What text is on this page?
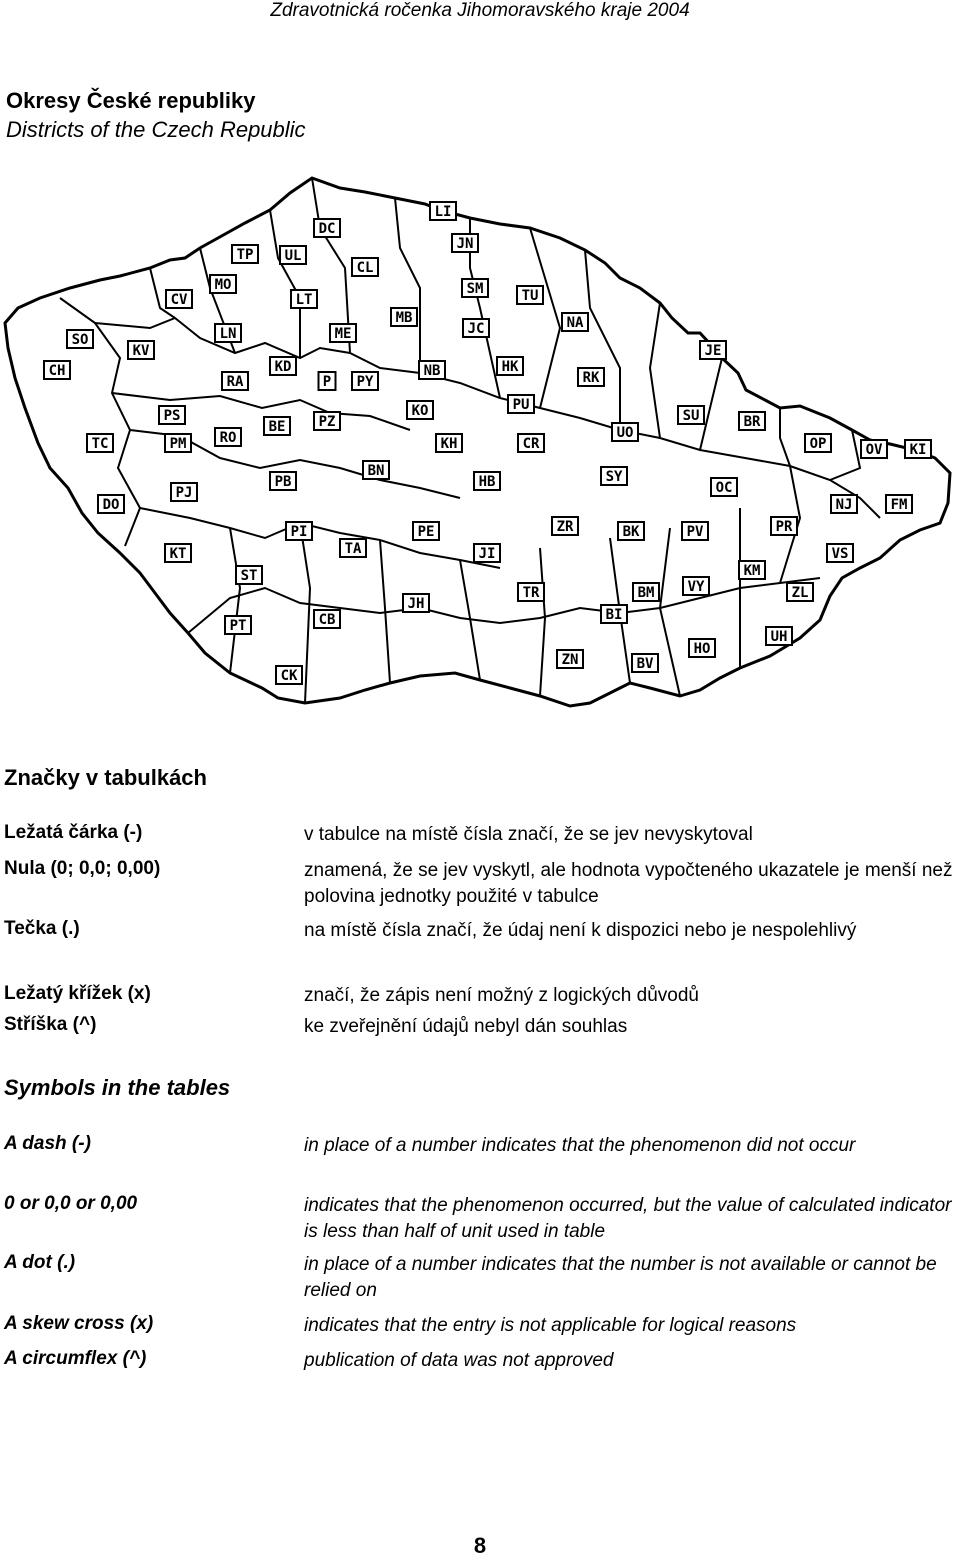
Zdravotnická ročenka Jihomoravského kraje 2004
Okresy České republiky
Districts of the Czech Republic
LI
DC
JN
TP UL
CL
MO
CV	LT
SM	TU
SO
KV
LN	ME
MB
JC	NA
CH	KD	HK
JE
RA	P PY
NB	RK
PS	KO	PU
SU	BR
TC	PM RO
BE PZ
KH	CR
UO
OP	OV KI
BN	SY
HB
DO
PJ
PB	OC
NJ	FM
PI	ZR	BK	PV	PR
KT	TA
PE
JI	VS
ST	KM
VY
BM
TR	ZL
PT	CB
JH
BI
UH
HO
CK
ZN	BV
Značky v tabulkách
Ležatá čárka (-)	v tabulce na místě čísla značí, že se jev nevyskytoval
Nula (0; 0,0; 0,00)	znamená, že se jev vyskytl, ale hodnota vypočteného ukazatele je menší než polovina jednotky použité v tabulce
Tečka (.)	na místě čísla značí, že údaj není k dispozici nebo je nespolehlivý
Ležatý křížek (x)	značí, že zápis není možný z logických důvodů
Stříška (^)	ke zveřejnění údajů nebyl dán souhlas
Symbols in the tables
A dash (-)	in place of a number indicates that the phenomenon did not occur
0 or 0,0 or 0,00	indicates that the phenomenon occurred, but the value of calculated indicator is less than half of unit used in table
A dot (.)	in place of a number indicates that the number is not available or cannot be relied on
A skew cross (x)	indicates that the entry is not applicable for logical reasons
A circumflex (^)	publication of data was not approved
8
